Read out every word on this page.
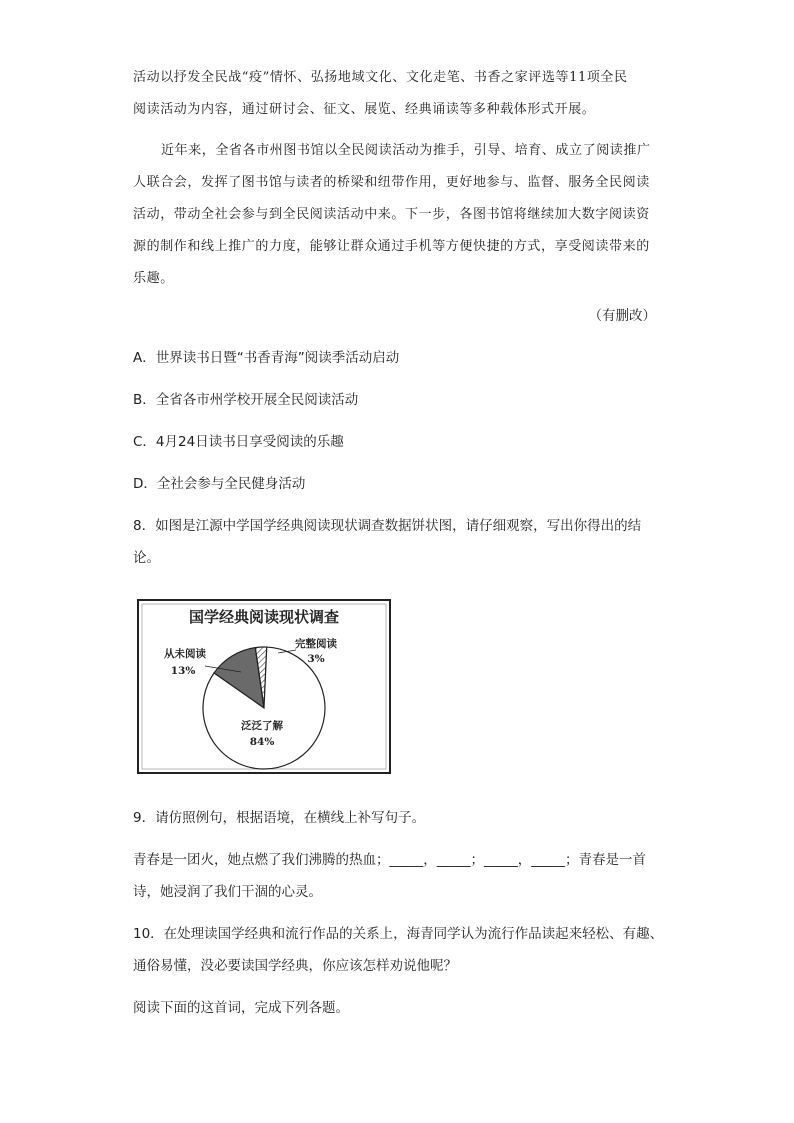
活动以抒发全民战“疫”情怀、弘扬地域文化、文化走笔、书香之家评选等11项全民
阅读活动为内容，通过研讨会、征文、展览、经典诵读等多种载体形式开展。
近年来，全省各市州图书馆以全民阅读活动为推手，引导、培育、成立了阅读推广
人联合会，发挥了图书馆与读者的桥梁和纽带作用，更好地参与、监督、服务全民阅读
活动，带动全社会参与到全民阅读活动中来。下一步，各图书馆将继续加大数字阅读资
源的制作和线上推广的力度，能够让群众通过手机等方便快捷的方式，享受阅读带来的
乐趣。
（有删改）
A．世界读书日暨“书香青海”阅读季活动启动
B．全省各市州学校开展全民阅读活动
C．4月24日读书日享受阅读的乐趣
D．全社会参与全民健身活动
8．如图是江源中学国学经典阅读现状调查数据饼状图，请仔细观察，写出你得出的结
论。
国学经典阅读现状调查
从未阅读
13%
完整阅读
3%
泛泛了解
84%
9．请仿照例句，根据语境，在横线上补写句子。
青春是一团火，她点燃了我们沸腾的热血；_____，_____；_____，_____；青春是一首
诗，她浸润了我们干涸的心灵。
10．在处理读国学经典和流行作品的关系上，海青同学认为流行作品读起来轻松、有趣、
通俗易懂，没必要读国学经典，你应该怎样劝说他呢？
阅读下面的这首词，完成下列各题。
